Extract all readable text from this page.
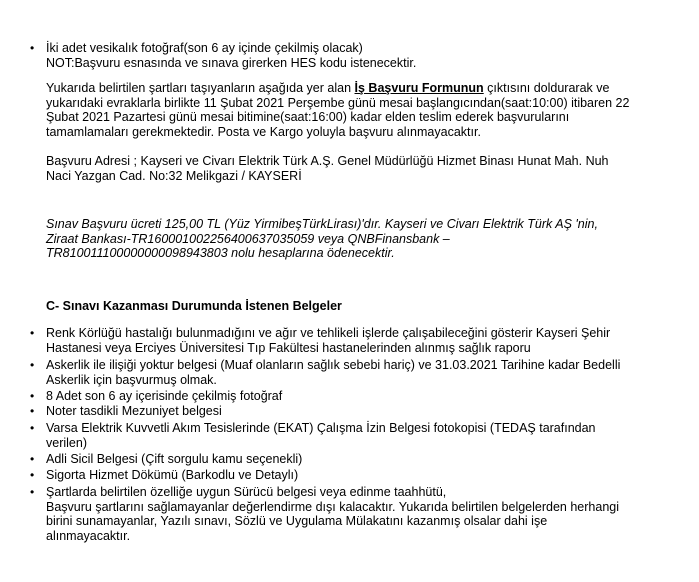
• İki adet vesikalık fotoğraf(son 6 ay içinde çekilmiş olacak)
NOT:Başvuru esnasında ve sınava girerken HES kodu istenecektir.
Yukarıda belirtilen şartları taşıyanların aşağıda yer alan İş Başvuru Formunun çıktısını doldurarak ve
yukarıdaki evraklarla birlikte 11 Şubat 2021 Perşembe günü mesai başlangıcından(saat:10:00) itibaren 22
Şubat 2021 Pazartesi günü mesai bitimine(saat:16:00) kadar elden teslim ederek başvurularını
tamamlamaları gerekmektedir. Posta ve Kargo yoluyla başvuru alınmayacaktır.
Başvuru Adresi ; Kayseri ve Civarı Elektrik Türk A.Ş. Genel Müdürlüğü Hizmet Binası Hunat Mah. Nuh
Naci Yazgan Cad. No:32 Melikgazi / KAYSERİ
Sınav Başvuru ücreti 125,00 TL (Yüz YirmibeşTürkLirası)'dır. Kayseri ve Civarı Elektrik Türk AŞ 'nin,
Ziraat Bankası-TR160001002256400637035059 veya QNBFinansbank –
TR810011100000000098943803 nolu hesaplarına ödenecektir.
C- Sınavı Kazanması Durumunda İstenen Belgeler
• Renk Körlüğü hastalığı bulunmadığını ve ağır ve tehlikeli işlerde çalışabileceğini gösterir Kayseri Şehir
Hastanesi veya Erciyes Üniversitesi Tıp Fakültesi hastanelerinden alınmış sağlık raporu
• Askerlik ile ilişiği yoktur belgesi (Muaf olanların sağlık sebebi hariç) ve 31.03.2021 Tarihine kadar Bedelli
Askerlik için başvurmuş olmak.
• 8 Adet son 6 ay içerisinde çekilmiş fotoğraf
• Noter tasdikli Mezuniyet belgesi
• Varsa Elektrik Kuvvetli Akım Tesislerinde (EKAT) Çalışma İzin Belgesi fotokopisi (TEDAŞ tarafından
verilen)
• Adli Sicil Belgesi (Çift sorgulu kamu seçenekli)
• Sigorta Hizmet Dökümü (Barkodlu ve Detaylı)
• Şartlarda belirtilen özelliğe uygun Sürücü belgesi veya edinme taahhütü,
Başvuru şartlarını sağlamayanlar değerlendirme dışı kalacaktır. Yukarıda belirtilen belgelerden herhangi
birini sunamayanlar, Yazılı sınavı, Sözlü ve Uygulama Mülakatını kazanmış olsalar dahi işe
alınmayacaktır.
